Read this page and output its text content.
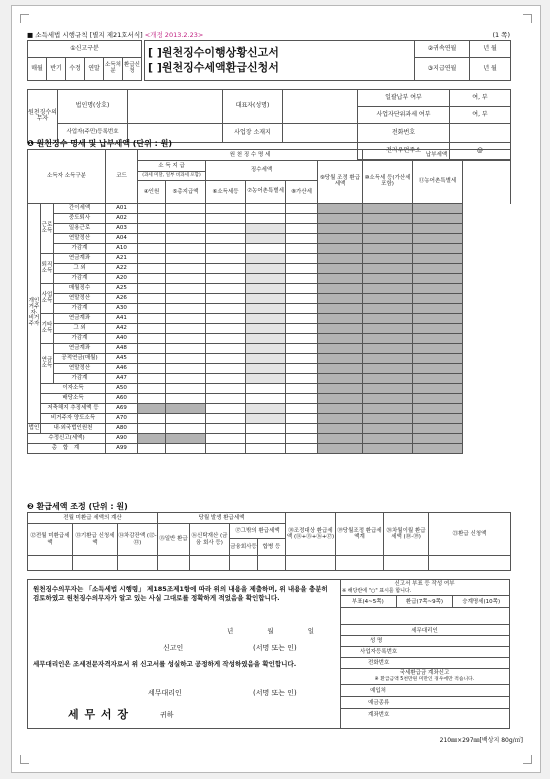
■ 소득세법 시행규칙 [별지 제21호서식] <개정 2013.2.23>	(1 쪽)
①신고구분							[ ]원천징수이행상황신고서
[ ]원천징수세액환급신청서	②귀속연월	년 월
매월	반기	수정	연말	소득처분	환급신청			③지급연월	년 월
원천징수의무자	법인명(상호)		대표자(성명)		일괄납부 여부	여, 부
					사업자단위과세 여부	여, 부
	사업자(주민)등록번호		사업장 소재지		전화번호	
					전자우편주소	@
❶ 원천징수 명세 및 납부세액 (단위 : 원)
소득자 소득구분			코드	원 천 징 수 명 세						납부세액		
				소 득 지 급		징수세액			⑨당월 조정 환급세액	⑩소득세 등(가산세 포함)	⑪농어촌특별세	
				(과세 미달, 일부 비과세 포함)								
				④인원	⑤총지급액	⑥소득세등	⑦농어촌특별세	⑧가산세				
개인 거주자·비거주자	근로소득	간이세액	A01									
		중도퇴사	A02									
		일용근로	A03									
		연말정산	A04									
		가감계	A10									
	퇴직소득	연금계좌	A21									
		그 외	A22									
		가감계	A20									
	사업소득	매월징수	A25									
		연말정산	A26									
		가감계	A30									
	기타소득	연금계좌	A41									
		그 외	A42									
		가감계	A40									
	연금소득	연금계좌	A48									
		공적연금(매월)	A45									
		연말정산	A46									
		가감계	A47									
	이자소득		A50									
	배당소득		A60									
	저축해지 추징세액 등		A69									
	비거주자 양도소득		A70									
법인	내·외국법인원천		A80									
수정신고(세액)			A90									
총 합 계			A99									
❷ 환급세액 조정 (단위 : 원)
전월 미환급 세액의 계산			당월 발생 환급세액				⑱조정대상 환급세액 (⑭+⑮+⑯+⑰)	⑲당월조정 환급세액계	⑳차월이월 환급세액 (⑱-⑲)	㉑환급 신청액
⑫전월 미환급세액	⑬기환급 신청세액	⑭차감잔액 (⑫-⑬)	⑮일반 환급	⑯신탁재산 (금융 회사 등)	⑰그밖의 환급세액					
					금융회사등	합병 등				

원천징수의무자는 「소득세법 시행령」 제185조제1항에 따라 위의 내용을 제출하며, 위 내용을 충분히 검토하였고 원천징수의무자가 알고 있는 사실 그대로를 정확하게 적었음을 확인합니다.
년 월 일
신고인	(서명 또는 인)
세무대리인은 조세전문자격자로서 위 신고서를 성실하고 공정하게 작성하였음을 확인합니다.
세무대리인	(서명 또는 인)
세 무 서 장	귀하
신고서 부표 등 작성 여부
※ 해당란에 "○" 표시를 합니다.
부표(4~5쪽)	환급(7쪽~9쪽)	승계명세(10쪽)
세무대리인
성 명
사업자등록번호
전화번호
국세환급금 계좌신고
※ 환급금액 5천만원 미만인 경우에만 적습니다.
예입처
예금종류
계좌번호
210㎜×297㎜[백상지 80g/㎡]
